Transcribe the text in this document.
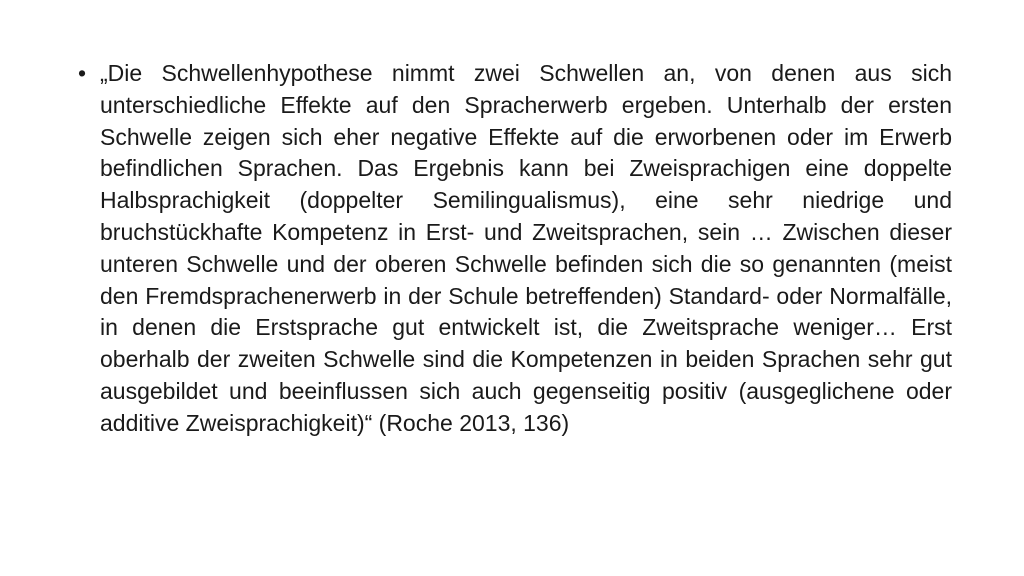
• „Die Schwellenhypothese nimmt zwei Schwellen an, von denen aus sich unterschiedliche Effekte auf den Spracherwerb ergeben. Unterhalb der ersten Schwelle zeigen sich eher negative Effekte auf die erworbenen oder im Erwerb befindlichen Sprachen. Das Ergebnis kann bei Zweisprachigen eine doppelte Halbsprachigkeit (doppelter Semilingualismus), eine sehr niedrige und bruchstückhafte Kompetenz in Erst- und Zweitsprachen, sein … Zwischen dieser unteren Schwelle und der oberen Schwelle befinden sich die so genannten (meist den Fremdsprachenerwerb in der Schule betreffenden) Standard- oder Normalfälle, in denen die Erstsprache gut entwickelt ist, die Zweitsprache weniger… Erst oberhalb der zweiten Schwelle sind die Kompetenzen in beiden Sprachen sehr gut ausgebildet und beeinflussen sich auch gegenseitig positiv (ausgeglichene oder additive Zweisprachigkeit)“ (Roche 2013, 136)
